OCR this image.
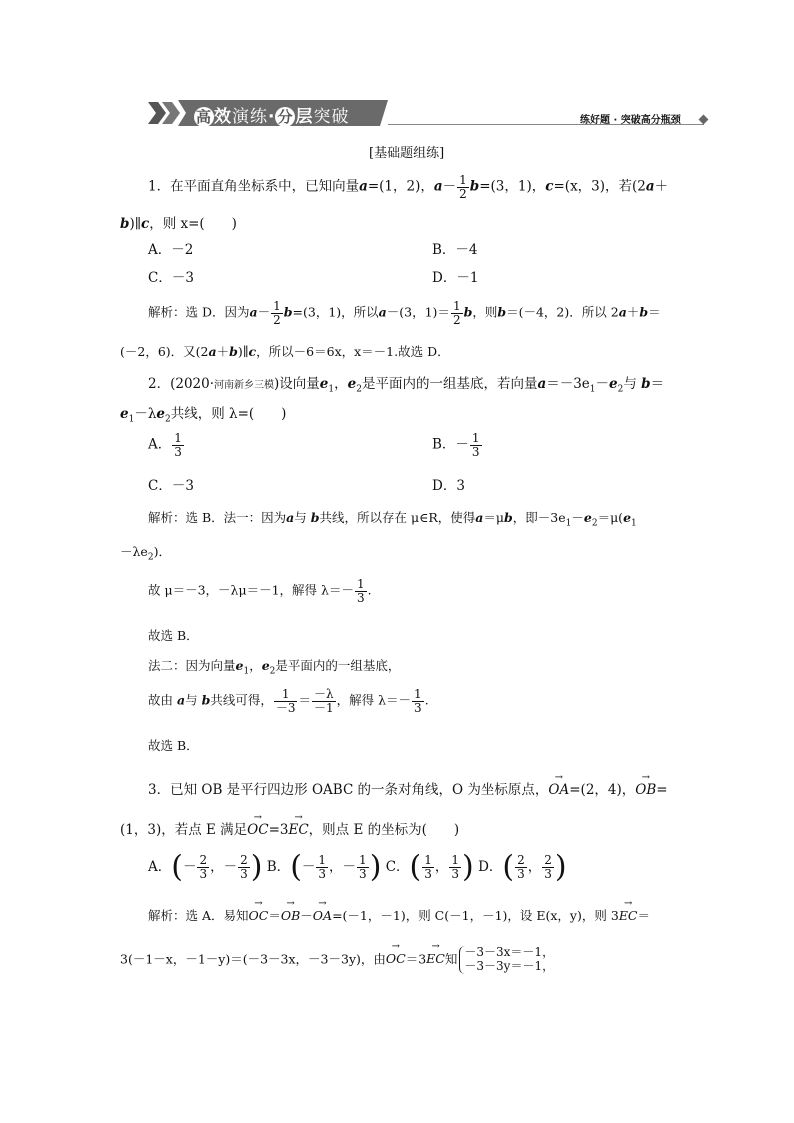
高 效演练· 分 层突破	练好题 · 突破高分瓶颈
[基础题组练]
1．在平面直角坐标系中，已知向量a=(1，2)，$a- \frac{1}{2} b=(3$，1)，c=(x，3)，若(2a＋
b)∥c，则 x=(　　)
A．－2	B．－4
C．－3	D．－1
解析：选 D．因为$a- \frac{1}{2} b=(3$，1)，所以a－(3，$1)= \frac{1}{2}$ b，则b＝(－4，2)．所以 2a＋b＝
(－2，6)．又(2a＋b)∥c，所以－6＝6x，x＝－1.故选 D．
2．(2020·河南新乡三模)设向量$e_1$，$e_2$是平面内的一组基底，若向量$a=-3e_1-e_2$与 b＝
$e_1-\lambda e_2$共线，则 λ=(　　)
A． $\frac{1}{3}$	B．－ $\frac{1}{3}$
C．－3	D．3
解析：选 B．法一：因为a与 b共线，所以存在 μ∈R，使得a＝μb，即$-3e_1-e_2=\mu(e_1$
$-\lambda e_2$)．
故 μ＝－3，－λμ＝－1，解得 $\lambda=- \frac{1}{3}$ .
故选 B．
法二：因为向量$e_1$，$e_2$是平面内的一组基底，
故由 a与 b共线可得， $\frac{1}{-3} = \frac{-\lambda}{-1}$ ，解得 $\lambda=- \frac{1}{3}$ .
故选 B．
3．已知 OB 是平行四边形 OABC 的一条对角线，O 为坐标原点，→ OA=(2，4)，→ OB=
(1，3)，若点 E 满足→ OC=3→ EC，则点 E 的坐标为(　　)
A．(－ $\frac{2}{3}$ ，－ $\frac{2}{3}$ ) B．(－ $\frac{1}{3}$ ，－ $\frac{1}{3}$ ) C．( $\frac{1}{3}$ ， $\frac{1}{3}$ ) D．( $\frac{2}{3}$ ， $\frac{2}{3}$ )
解析：选 A．易知→ OC＝→ OB－→ OA=(－1，－1)，则 C(－1，－1)，设 E(x，y)，则 3→ EC＝
3(－1－x，－1－y)＝(－3－3x，－3－3y)，由→ OC＝3→ EC知 －3－3x＝－1，
－3－3y＝－1，
